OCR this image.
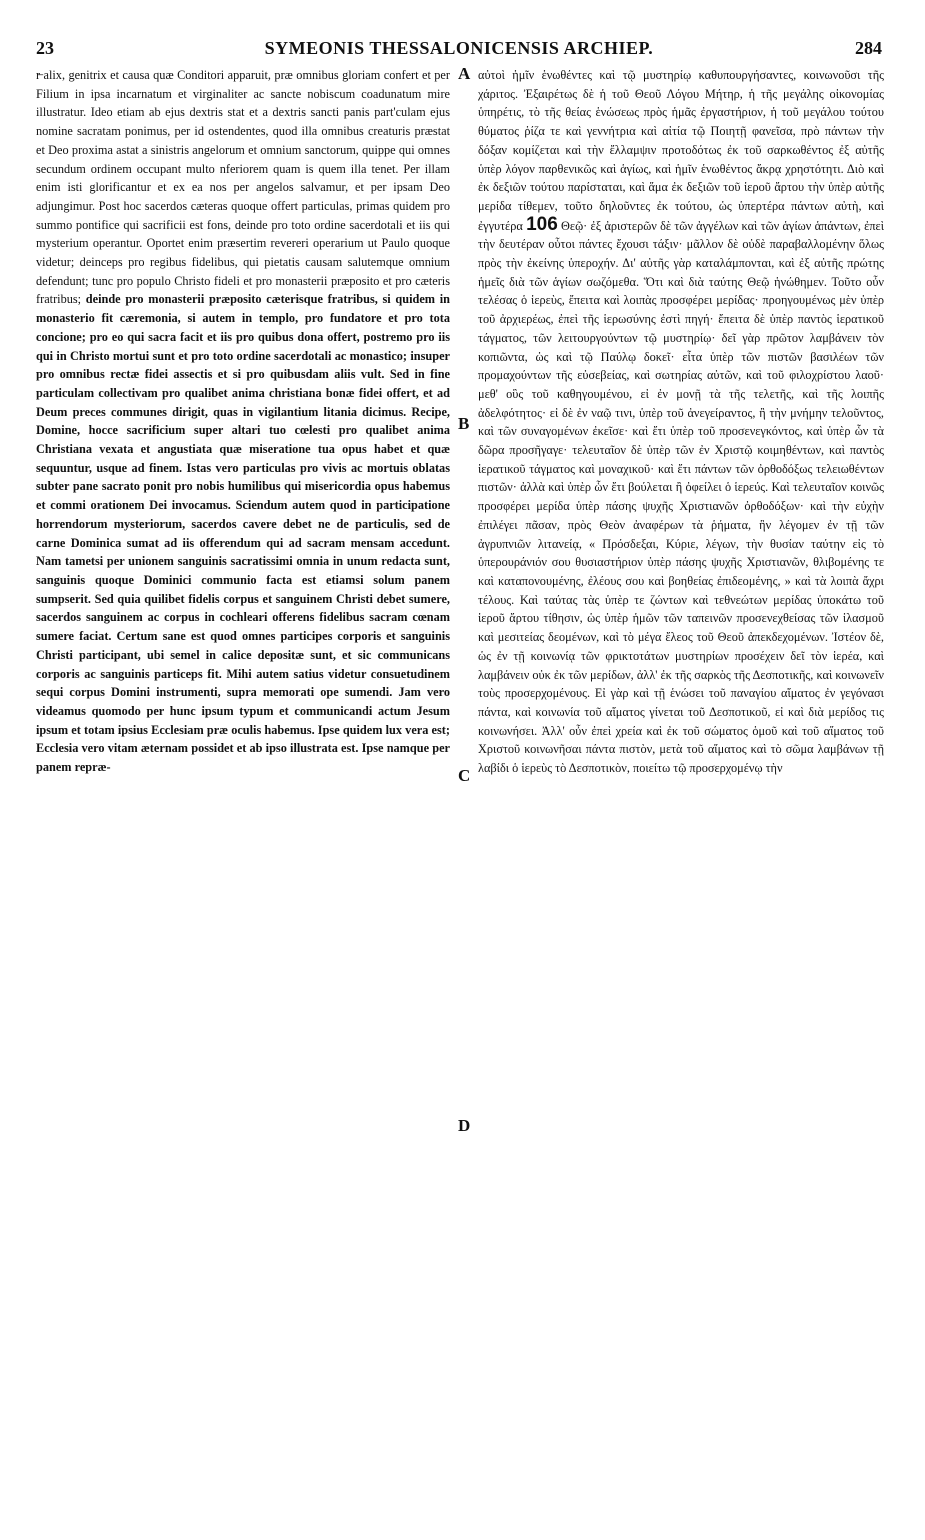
23	SYMEONIS THESSALONICENSIS ARCHIEP.	284

r̶ alix, genitrix et causa quæ Conditori apparuit, præ omnibus gloriam confert et per Filium in ipsa incarnatum et virginaliter ac sancte nobiscum coadunatum mire illustratur. Ideo etiam ab ejus dextris stat et a dextris sancti panis part'culam ejus nomine sacratam ponimus, per id ostendentes, quod illa omnibus creaturis præstat et Deo proxima astat a sinistris angelorum et omnium sanctorum, quippe qui omnes secundum ordinem occupant multo nferiorem quam is quem illa tenet. Per illam enim isti glorificantur et ex ea nos per angelos salvamur, et per ipsam Deo adjungimur. Post hoc sacerdos cæteras quoque offert particulas, primas quidem pro summo pontifice qui sacrificii est fons, deinde pro toto ordine sacerdotali et iis qui mysterium operantur. Oportet enim præsertim revereri operarium ut Paulo quoque videtur; deinceps pro regibus fidelibus, qui pietatis causam salutemque omnium defendunt; tunc pro populo Christo fideli et pro monasterii præposito et pro cæteris fratribus; deinde pro monasterii præposito cæterisque fratribus, si quidem in monasterio fit cæremonia, si autem in templo, pro fundatore et pro tota concione; pro eo qui sacra facit et iis pro quibus dona offert, postremo pro iis qui in Christo mortui sunt et pro toto ordine sacerdotali ac monastico; insuper pro omnibus rectæ fidei assectis et si pro quibusdam aliis vult. Sed in fine particulam collectivam pro qualibet anima christiana bonæ fidei offert, et ad Deum preces communes dirigit, quas in vigilantium litania dicimus. Recipe, Domine, hocce sacrificium super altari tuo cœlesti pro qualibet anima Christiana vexata et angustiata quæ miseratione tua opus habet et quæ sequuntur, usque ad finem. Istas vero particulas pro vivis ac mortuis oblatas subter pane sacrato ponit pro nobis humilibus qui misericordia opus habemus et commi orationem Dei invocamus. Sciendum autem quod in participatione horrendorum mysteriorum, sacerdos cavere debet ne de particulis, sed de carne Dominica sumat ad iis offerendum qui ad sacram mensam accedunt. Nam tametsi per unionem sanguinis sacratissimi omnia in unum redacta sunt, sanguinis quoque Dominici communio facta est etiamsi solum panem sumpserit. Sed quia quilibet fidelis corpus et sanguinem Christi debet sumere, sacerdos sanguinem ac corpus in cochleari offerens fidelibus sacram cœnam sumere faciat. Certum sane est quod omnes participes corporis et sanguinis Christi participant, ubi semel in calice depositæ sunt, et sic communicans corporis ac sanguinis particeps fit. Mihi autem satius videtur consuetudinem sequi corpus Domini instrumenti, supra memorati ope sumendi. Jam vero videamus quomodo per hunc ipsum typum et communicandi actum Jesum ipsum et totam ipsius Ecclesiam præ oculis habemus. Ipse quidem lux vera est; Ecclesia vero vitam æternam possidet et ab ipso illustrata est. Ipse namque per panem repræ-

αὐτοὶ ἡμῖν ἑνωθέντες καὶ τῷ μυστηρίῳ καθυπουργήσαντες, κοινωνοῦσι τῆς χάριτος. Ἐξαιρέτως δὲ ἡ τοῦ Θεοῦ Λόγου Μήτηρ, ἡ τῆς μεγάλης οἰκονομίας ὑπηρέτις, τὸ τῆς θείας ἑνώσεως πρὸς ἡμᾶς ἐργαστήριον, ἡ τοῦ μεγάλου τούτου θύματος ῥίζα τε καὶ γεννήτρια καὶ αἰτία τῷ Ποιητῇ φανεῖσα, πρὸ πάντων τὴν δόξαν κομίζεται καὶ τὴν ἔλλαμψιν προτοδότως ἐκ τοῦ σαρκωθέντος ἐξ αὐτῆς ὑπὲρ λόγον παρθενικῶς καὶ ἁγίως, καὶ ἡμῖν ἑνωθέντος ἄκρᾳ χρηστότητι. Διὸ καὶ ἐκ δεξιῶν τούτου παρίσταται, καὶ ἅμα ἐκ δεξιῶν τοῦ ἱεροῦ ἄρτου τὴν ὑπὲρ αὐτῆς μερίδα τίθεμεν, τοῦτο δηλοῦντες ἐκ τούτου, ὡς ὑπερτέρα πάντων αὐτὴ, καὶ ἐγγυτέρα 106 Θεῷ· ἐξ ἀριστερῶν δὲ τῶν ἀγγέλων καὶ τῶν ἁγίων ἁπάντων, ἐπεὶ τὴν δευτέραν οὗτοι πάντες ἔχουσι τάξιν· μᾶλλον δὲ οὐδὲ παραβαλλομένην ὅλως πρὸς τὴν ἐκείνης ὑπεροχήν. Δι' αὐτῆς γὰρ καταλάμπονται, καὶ ἐξ αὐτῆς πρώτης ἡμεῖς διὰ τῶν ἁγίων σωζόμεθα. Ὅτι καὶ διὰ ταύτης Θεῷ ἡνώθημεν. Τοῦτο οὖν τελέσας ὁ ἱερεὺς, ἔπειτα καὶ λοιπὰς προσφέρει μερίδας· προηγουμένως μὲν ὑπὲρ τοῦ ἀρχιερέως, ἐπεὶ τῆς ἱερωσύνης ἐστὶ πηγή· ἔπειτα δὲ ὑπὲρ παντὸς ἱερατικοῦ τάγματος, τῶν λειτουργούντων τῷ μυστηρίῳ· δεῖ γὰρ πρῶτον λαμβάνειν τὸν κοπιῶντα, ὡς καὶ τῷ Παύλῳ δοκεῖ· εἶτα ὑπὲρ τῶν πιστῶν βασιλέων τῶν προμαχούντων τῆς εὐσεβείας, καὶ σωτηρίας αὐτῶν, καὶ τοῦ φιλοχρίστου λαοῦ· μεθ' οὓς τοῦ καθηγουμένου, εἰ ἐν μονῇ τὰ τῆς τελετῆς, καὶ τῆς λοιπῆς ἀδελφότητος· εἰ δὲ ἐν ναῷ τινι, ὑπὲρ τοῦ ἀνεγείραντος, ἢ τὴν μνήμην τελοῦντος, καὶ τῶν συναγομένων ἐκεῖσε· καὶ ἔτι ὑπὲρ τοῦ προσενεγκόντος, καὶ ὑπὲρ ὧν τὰ δῶρα προσῆγαγε· τελευταῖον δὲ ὑπὲρ τῶν ἐν Χριστῷ κοιμηθέντων, καὶ παντὸς ἱερατικοῦ τάγματος καὶ μοναχικοῦ· καὶ ἔτι πάντων τῶν ὀρθοδόξως τελειωθέντων πιστῶν· ἀλλὰ καὶ ὑπὲρ ὧν ἔτι βούλεται ἢ ὀφείλει ὁ ἱερεύς. Καὶ τελευταῖον κοινῶς προσφέρει μερίδα ὑπὲρ πάσης ψυχῆς Χριστιανῶν ὀρθοδόξων· καὶ τὴν εὐχὴν ἐπιλέγει πᾶσαν, πρὸς Θεὸν ἀναφέρων τὰ ῥήματα, ἣν λέγομεν ἐν τῇ τῶν ἀγρυπνιῶν λιτανείᾳ, « Πρόσδεξαι, Κύριε, λέγων, τὴν θυσίαν ταύτην εἰς τὸ ὑπερουράνιόν σου θυσιαστήριον ὑπὲρ πάσης ψυχῆς Χριστιανῶν, θλιβομένης τε καὶ καταπονουμένης, ἐλέους σου καὶ βοηθείας ἐπιδεομένης, » καὶ τὰ λοιπὰ ἄχρι τέλους. Καὶ ταύτας τὰς ὑπὲρ τε ζώντων καὶ τεθνεώτων μερίδας ὑποκάτω τοῦ ἱεροῦ ἄρτου τίθησιν, ὡς ὑπὲρ ἡμῶν τῶν ταπεινῶν προσενεχθείσας τῶν ἱλασμοῦ καὶ μεσιτείας δεομένων, καὶ τὸ μέγα ἔλεος τοῦ Θεοῦ ἀπεκδεχομένων. Ἰστέον δὲ, ὡς ἐν τῇ κοινωνίᾳ τῶν φρικτοτάτων μυστηρίων προσέχειν δεῖ τὸν ἱερέα, καὶ λαμβάνειν οὐκ ἐκ τῶν μερίδων, ἀλλ' ἐκ τῆς σαρκὸς τῆς Δεσποτικῆς, καὶ κοινωνεῖν τοὺς προσερχομένους. Εἰ γὰρ καὶ τῇ ἑνώσει τοῦ παναγίου αἵματος ἐν γεγόνασι πάντα, καὶ κοινωνία τοῦ αἵματος γίνεται τοῦ Δεσποτικοῦ, εἰ καὶ διὰ μερίδος τις κοινωνήσει. Ἀλλ' οὖν ἐπεὶ χρεία καὶ ἐκ τοῦ σώματος ὁμοῦ καὶ τοῦ αἵματος τοῦ Χριστοῦ κοινωνῆσαι πάντα πιστὸν, μετὰ τοῦ αἵματος καὶ τὸ σῶμα λαμβάνων τῇ λαβίδι ὁ ἱερεὺς τὸ Δεσποτικὸν, ποιείτω τῷ προσερχομένῳ τὴν

A
B
C
D
